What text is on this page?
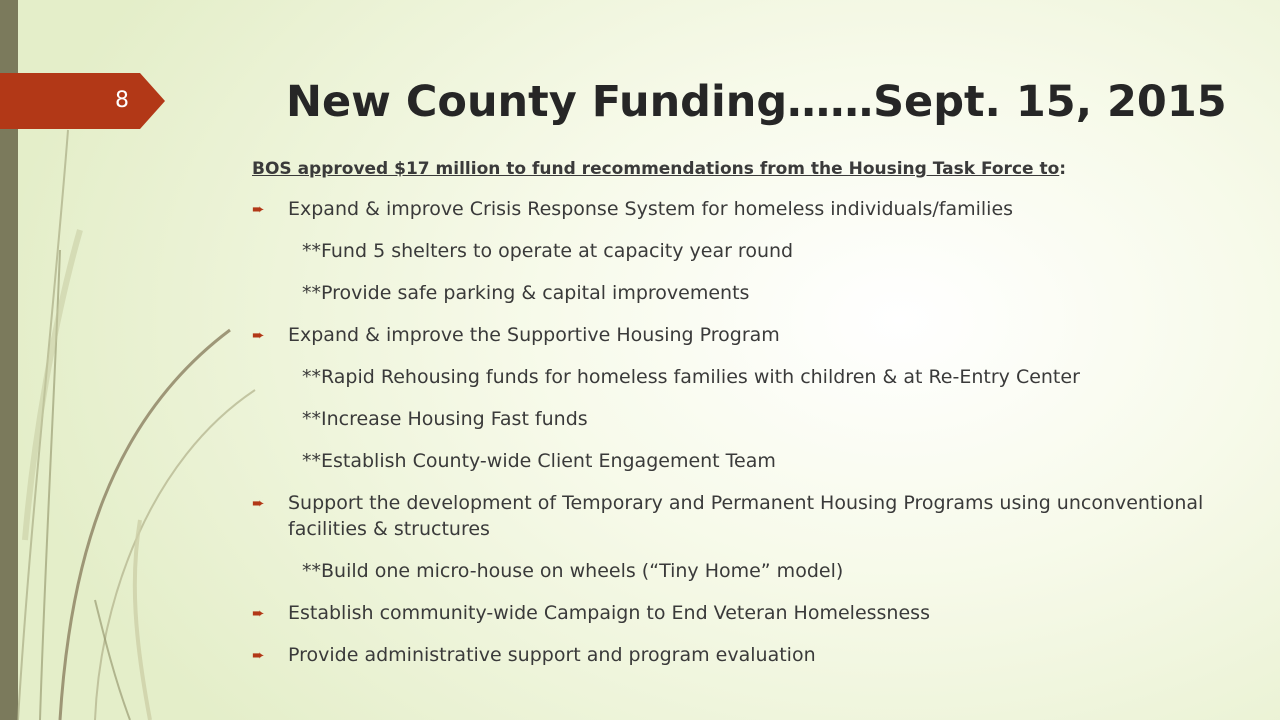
8	New County Funding……Sept. 15, 2015

BOS approved $17 million to fund recommendations from the Housing Task Force to:

➨ Expand & improve Crisis Response System for homeless individuals/families
**Fund 5 shelters to operate at capacity year round
**Provide safe parking & capital improvements
➨ Expand & improve the Supportive Housing Program
**Rapid Rehousing funds for homeless families with children & at Re-Entry Center
**Increase Housing Fast funds
**Establish County-wide Client Engagement Team
➨ Support the development of Temporary and Permanent Housing Programs using unconventional facilities & structures
**Build one micro-house on wheels (“Tiny Home” model)
➨ Establish community-wide Campaign to End Veteran Homelessness
➨ Provide administrative support and program evaluation
